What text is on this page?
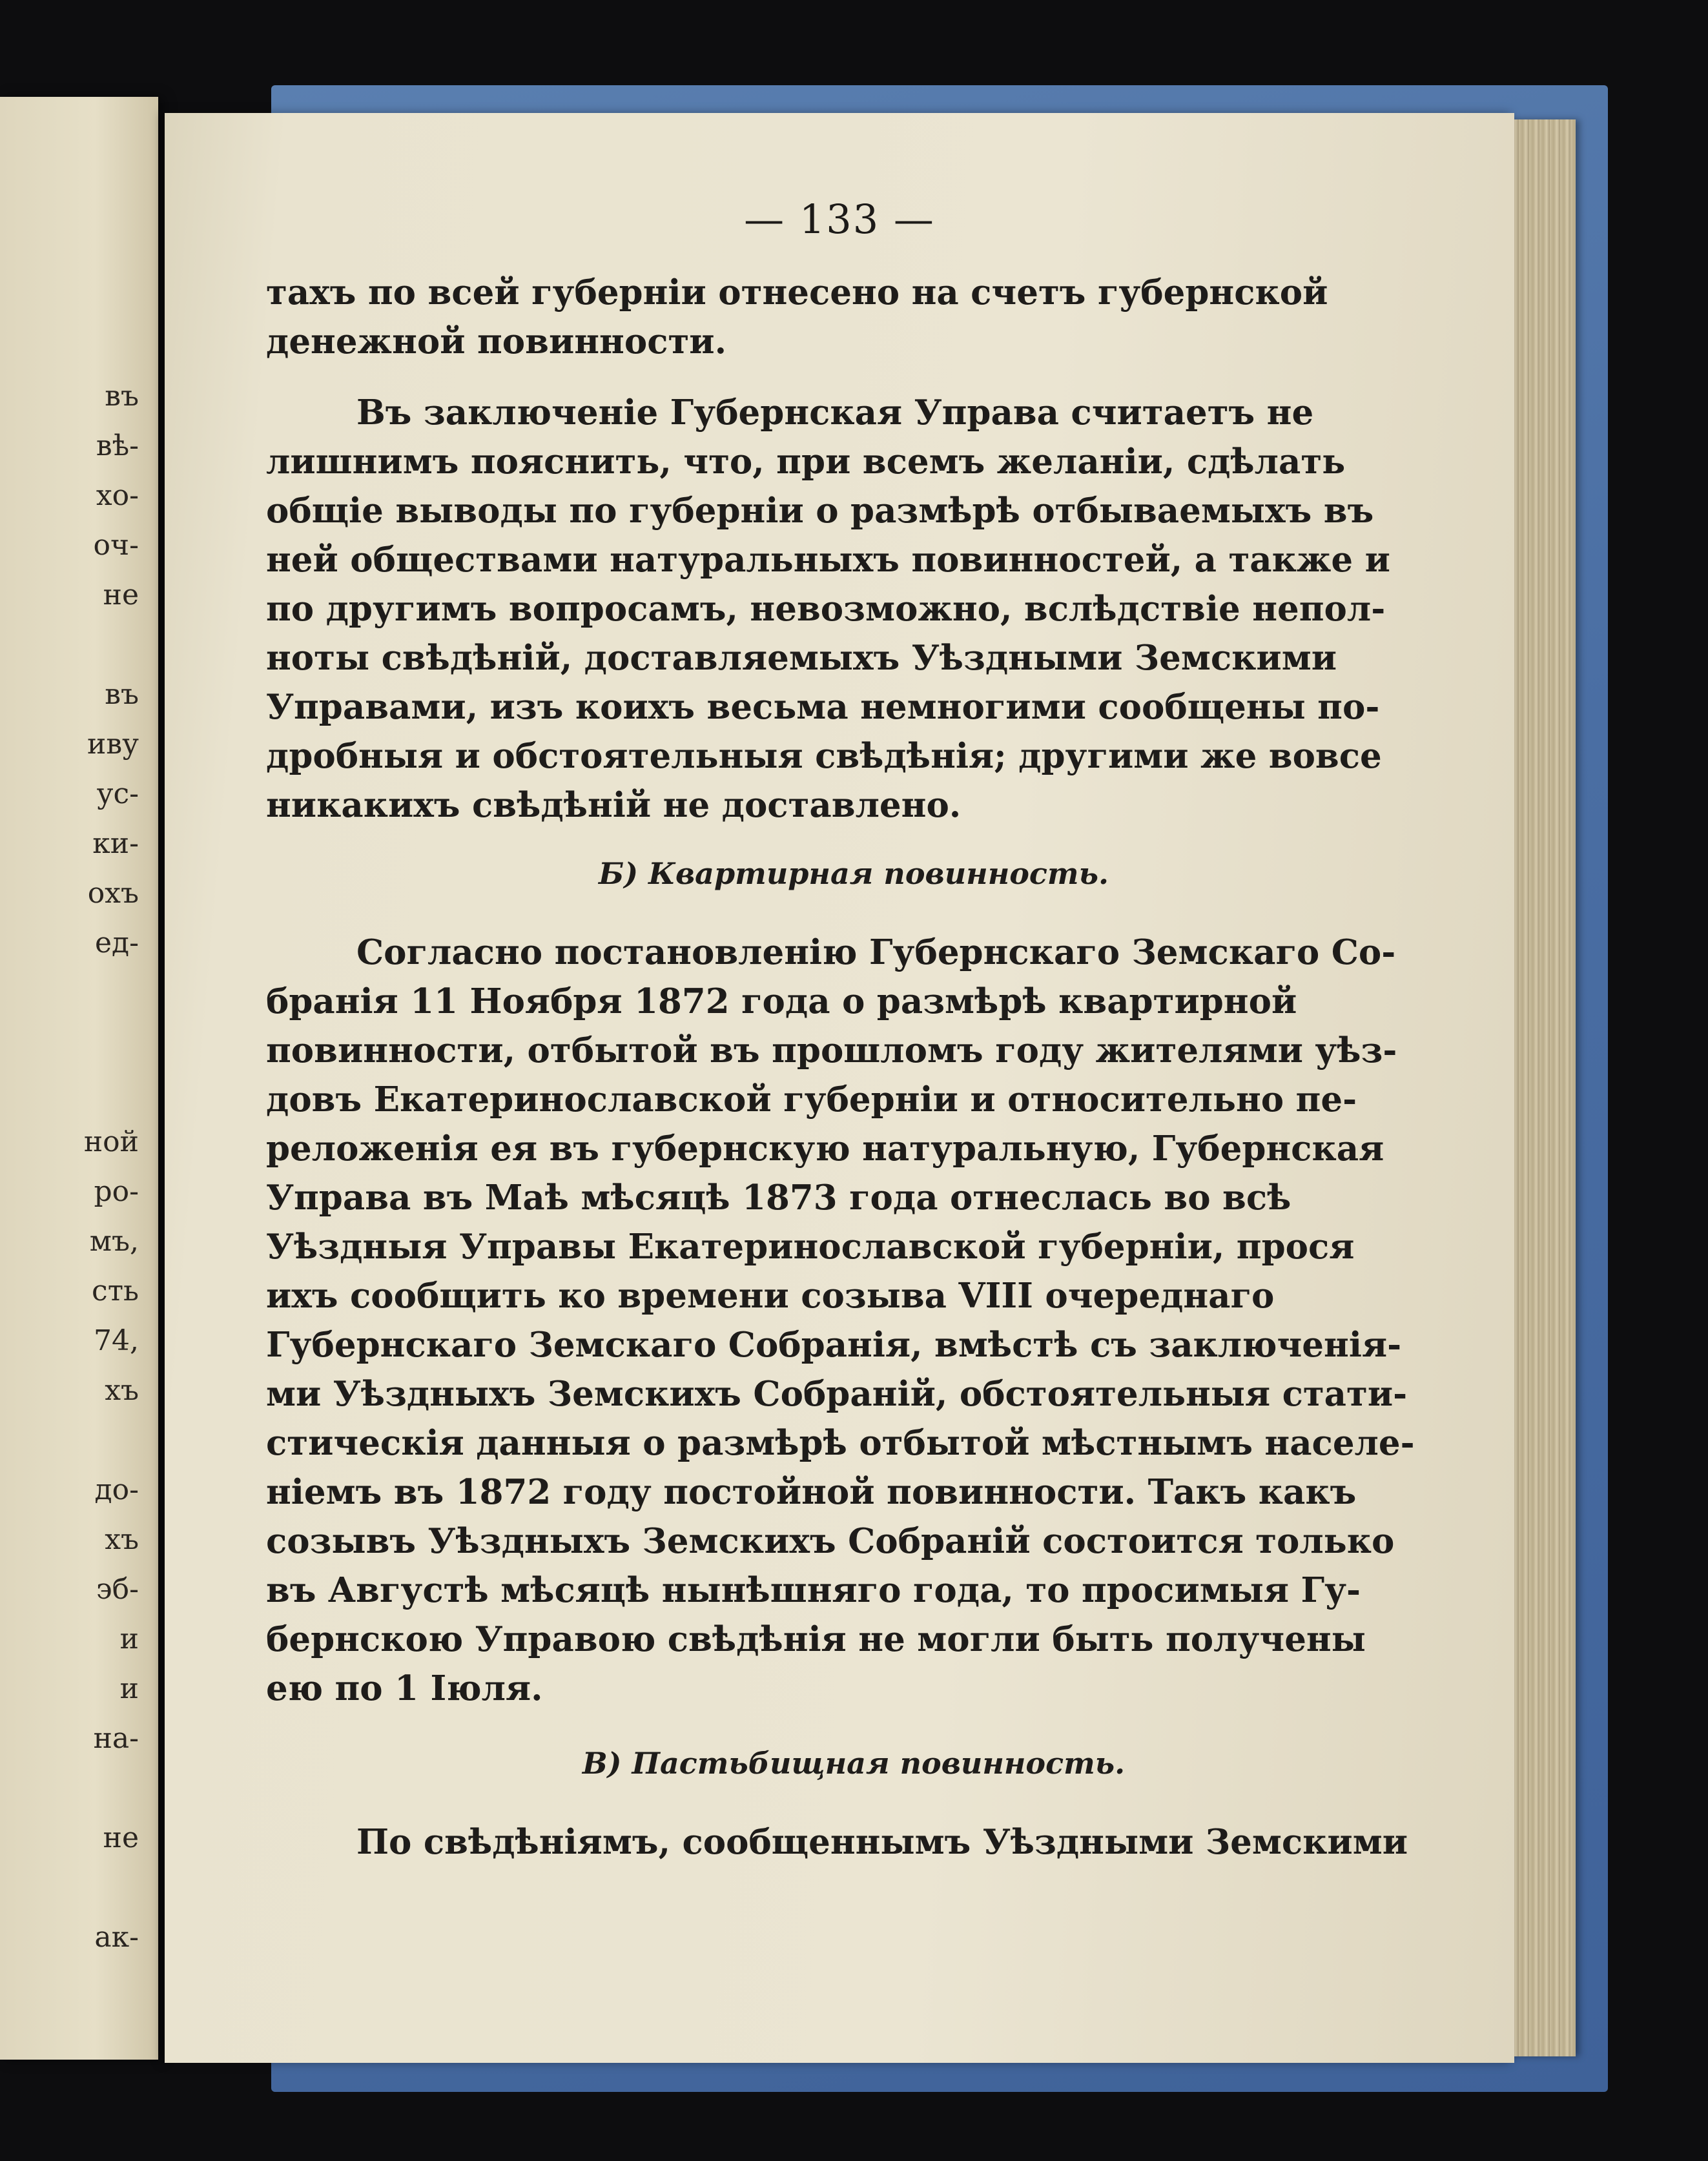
въ
вѣ-
хо-
оч-
не
въ
иву
ус-
ки-
охъ
ед-
ной
ро-
мъ,
сть
74,
хъ
до-
хъ
эб-
и
и
на-
не
ак-
— 133 —

тахъ по всей губерніи отнесено на счетъ губернской
денежной повинности.

Въ заключеніе Губернская Управа считаетъ не
лишнимъ пояснить, что, при всемъ желаніи, сдѣлать
общіе выводы по губерніи о размѣрѣ отбываемыхъ въ
ней обществами натуральныхъ повинностей, а также и
по другимъ вопросамъ, невозможно, вслѣдствіе непол-
ноты свѣдѣній, доставляемыхъ Уѣздными Земскими
Управами, изъ коихъ весьма немногими сообщены по-
дробныя и обстоятельныя свѣдѣнія; другими же вовсе
никакихъ свѣдѣній не доставлено.

Б) Квартирная повинность.

Согласно постановленію Губернскаго Земскаго Со-
бранія 11 Ноября 1872 года о размѣрѣ квартирной
повинности, отбытой въ прошломъ году жителями уѣз-
довъ Екатеринославской губерніи и относительно пе-
реложенія ея въ губернскую натуральную, Губернская
Управа въ Маѣ мѣсяцѣ 1873 года отнеслась во всѣ
Уѣздныя Управы Екатеринославской губерніи, прося
ихъ сообщить ко времени созыва VIII очереднаго
Губернскаго Земскаго Собранія, вмѣстѣ съ заключенія-
ми Уѣздныхъ Земскихъ Собраній, обстоятельныя стати-
стическія данныя о размѣрѣ отбытой мѣстнымъ населе-
ніемъ въ 1872 году постойной повинности. Такъ какъ
созывъ Уѣздныхъ Земскихъ Собраній состоится только
въ Августѣ мѣсяцѣ нынѣшняго года, то просимыя Гу-
бернскою Управою свѣдѣнія не могли быть получены
ею по 1 Іюля.

В) Пастьбищная повинность.

По свѣдѣніямъ, сообщеннымъ Уѣздными Земскими
